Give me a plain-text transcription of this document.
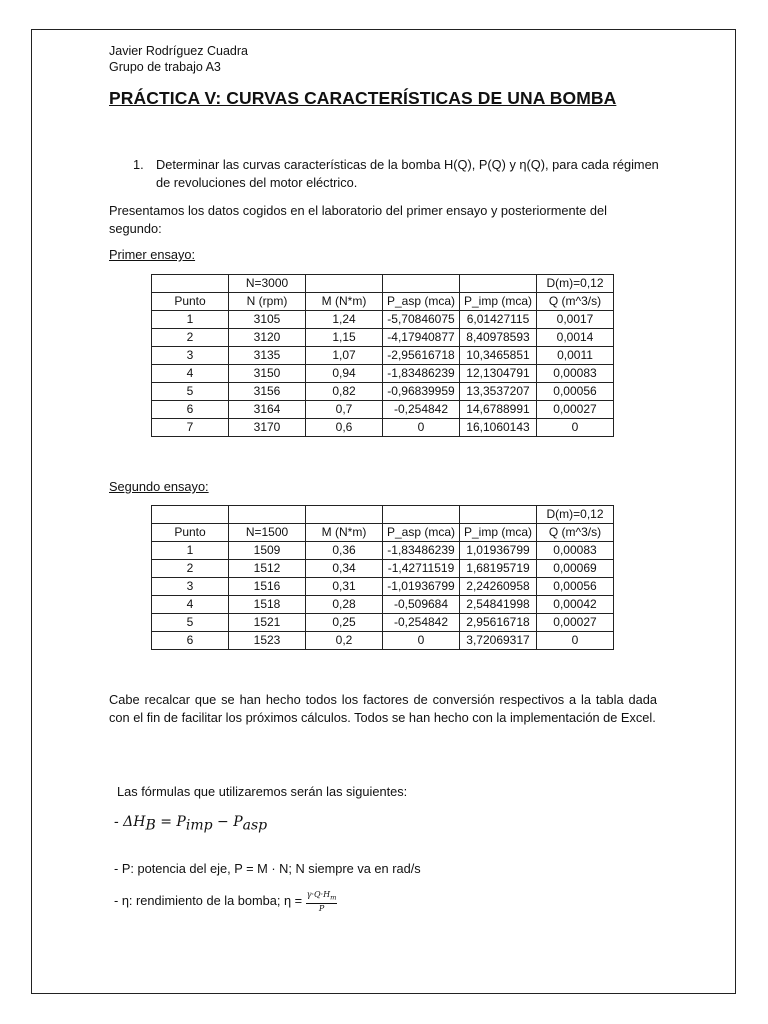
Javier Rodríguez Cuadra
Grupo de trabajo A3
PRÁCTICA V: CURVAS CARACTERÍSTICAS DE UNA BOMBA
1. Determinar las curvas características de la bomba H(Q), P(Q) y η(Q), para cada régimen de revoluciones del motor eléctrico.
Presentamos los datos cogidos en el laboratorio del primer ensayo y posteriormente del segundo:
Primer ensayo:
	N=3000				D(m)=0,12
Punto	N (rpm)	M (N*m)	P_asp (mca)	P_imp (mca)	Q (m^3/s)
1	3105	1,24	-5,70846075	6,01427115	0,0017
2	3120	1,15	-4,17940877	8,40978593	0,0014
3	3135	1,07	-2,95616718	10,3465851	0,0011
4	3150	0,94	-1,83486239	12,1304791	0,00083
5	3156	0,82	-0,96839959	13,3537207	0,00056
6	3164	0,7	-0,254842	14,6788991	0,00027
7	3170	0,6	0	16,1060143	0
Segundo ensayo:
					D(m)=0,12
Punto	N=1500	M (N*m)	P_asp (mca)	P_imp (mca)	Q (m^3/s)
1	1509	0,36	-1,83486239	1,01936799	0,00083
2	1512	0,34	-1,42711519	1,68195719	0,00069
3	1516	0,31	-1,01936799	2,24260958	0,00056
4	1518	0,28	-0,509684	2,54841998	0,00042
5	1521	0,25	-0,254842	2,95616718	0,00027
6	1523	0,2	0	3,72069317	0
Cabe recalcar que se han hecho todos los factores de conversión respectivos a la tabla dada con el fin de facilitar los próximos cálculos. Todos se han hecho con la implementación de Excel.
Las fórmulas que utilizaremos serán las siguientes:
- $\Delta H_B = P_{imp} - P_{asp}$
- P: potencia del eje, P = M · N; N siempre va en rad/s
- η: rendimiento de la bomba; $\eta = \frac{\gamma\cdot Q\cdot H_m}{P}$
